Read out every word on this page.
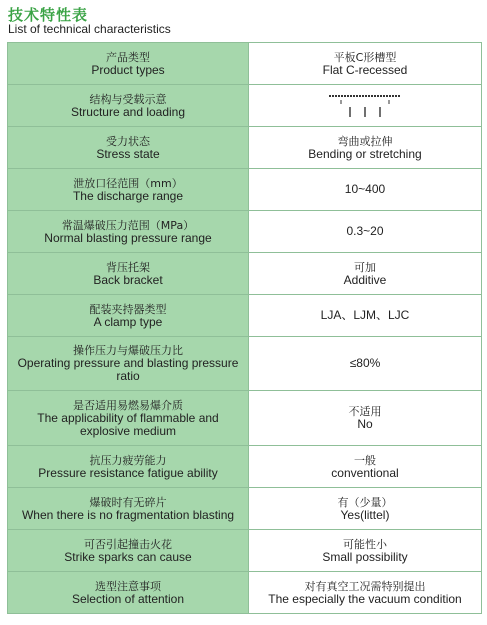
技术特性表
List of technical characteristics
产品类型
Product types	平板C形槽型
Flat C-recessed

结构与受载示意
Structure and loading

受力状态
Stress state	弯曲或拉伸
Bending or stretching

泄放口径范围（mm）
The discharge range	10~400

常温爆破压力范围（MPa）
Normal blasting pressure range	0.3~20

背压托架
Back bracket	可加
Additive

配装夹持器类型
A clamp type	LJA、LJM、LJC

操作压力与爆破压力比
Operating pressure and blasting pressure ratio	≤80%

是否适用易燃易爆介质
The applicability of flammable and explosive medium	不适用
No

抗压力疲劳能力
Pressure resistance fatigue ability	一般
conventional

爆破时有无碎片
When there is no fragmentation blasting	有（少量）
Yes(littel)

可否引起撞击火花
Strike sparks can cause	可能性小
Small possibility

选型注意事项
Selection of attention	对有真空工况需特别提出
The especially the vacuum condition
